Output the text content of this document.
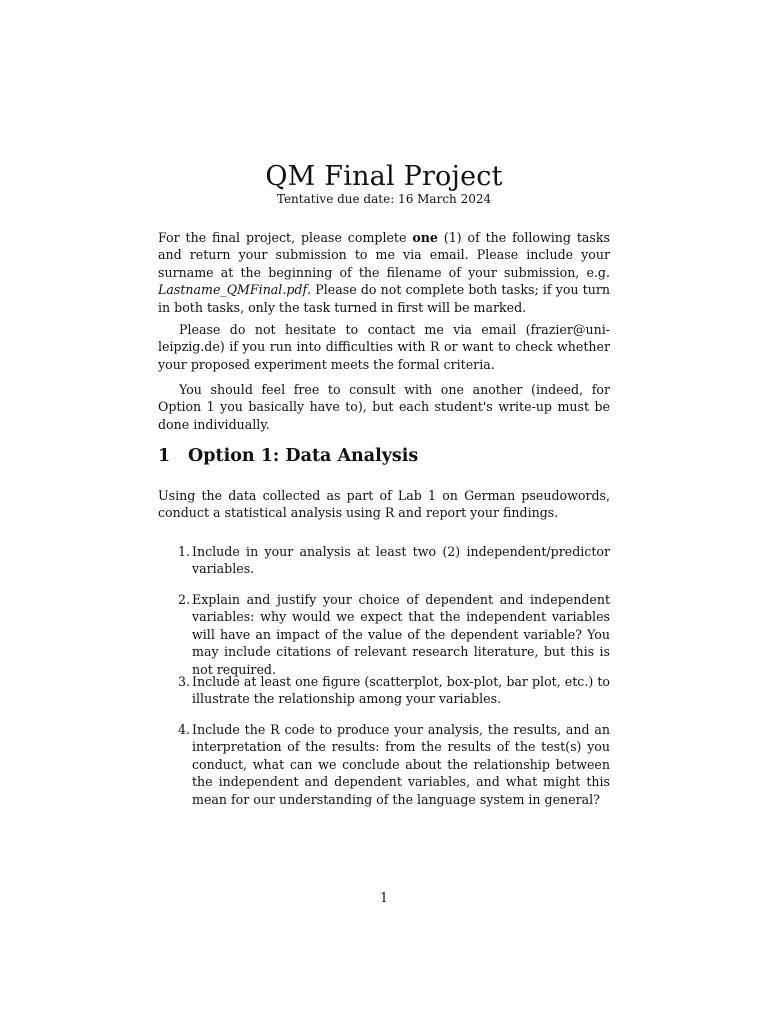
QM Final Project
Tentative due date: 16 March 2024
For the final project, please complete one (1) of the following tasks and return your submission to me via email. Please include your surname at the beginning of the filename of your submission, e.g. Lastname_QMFinal.pdf. Please do not complete both tasks; if you turn in both tasks, only the task turned in first will be marked.
Please do not hesitate to contact me via email (frazier@uni-leipzig.de) if you run into difficulties with R or want to check whether your proposed experiment meets the formal criteria.
You should feel free to consult with one another (indeed, for Option 1 you basically have to), but each student's write-up must be done individually.
1 Option 1: Data Analysis
Using the data collected as part of Lab 1 on German pseudowords, conduct a statistical analysis using R and report your findings.
1. Include in your analysis at least two (2) independent/predictor variables.
2. Explain and justify your choice of dependent and independent variables: why would we expect that the independent variables will have an impact of the value of the dependent variable? You may include citations of relevant research literature, but this is not required.
3. Include at least one figure (scatterplot, box-plot, bar plot, etc.) to illustrate the relationship among your variables.
4. Include the R code to produce your analysis, the results, and an interpretation of the results: from the results of the test(s) you conduct, what can we conclude about the relationship between the independent and dependent variables, and what might this mean for our understanding of the language system in general?
1
